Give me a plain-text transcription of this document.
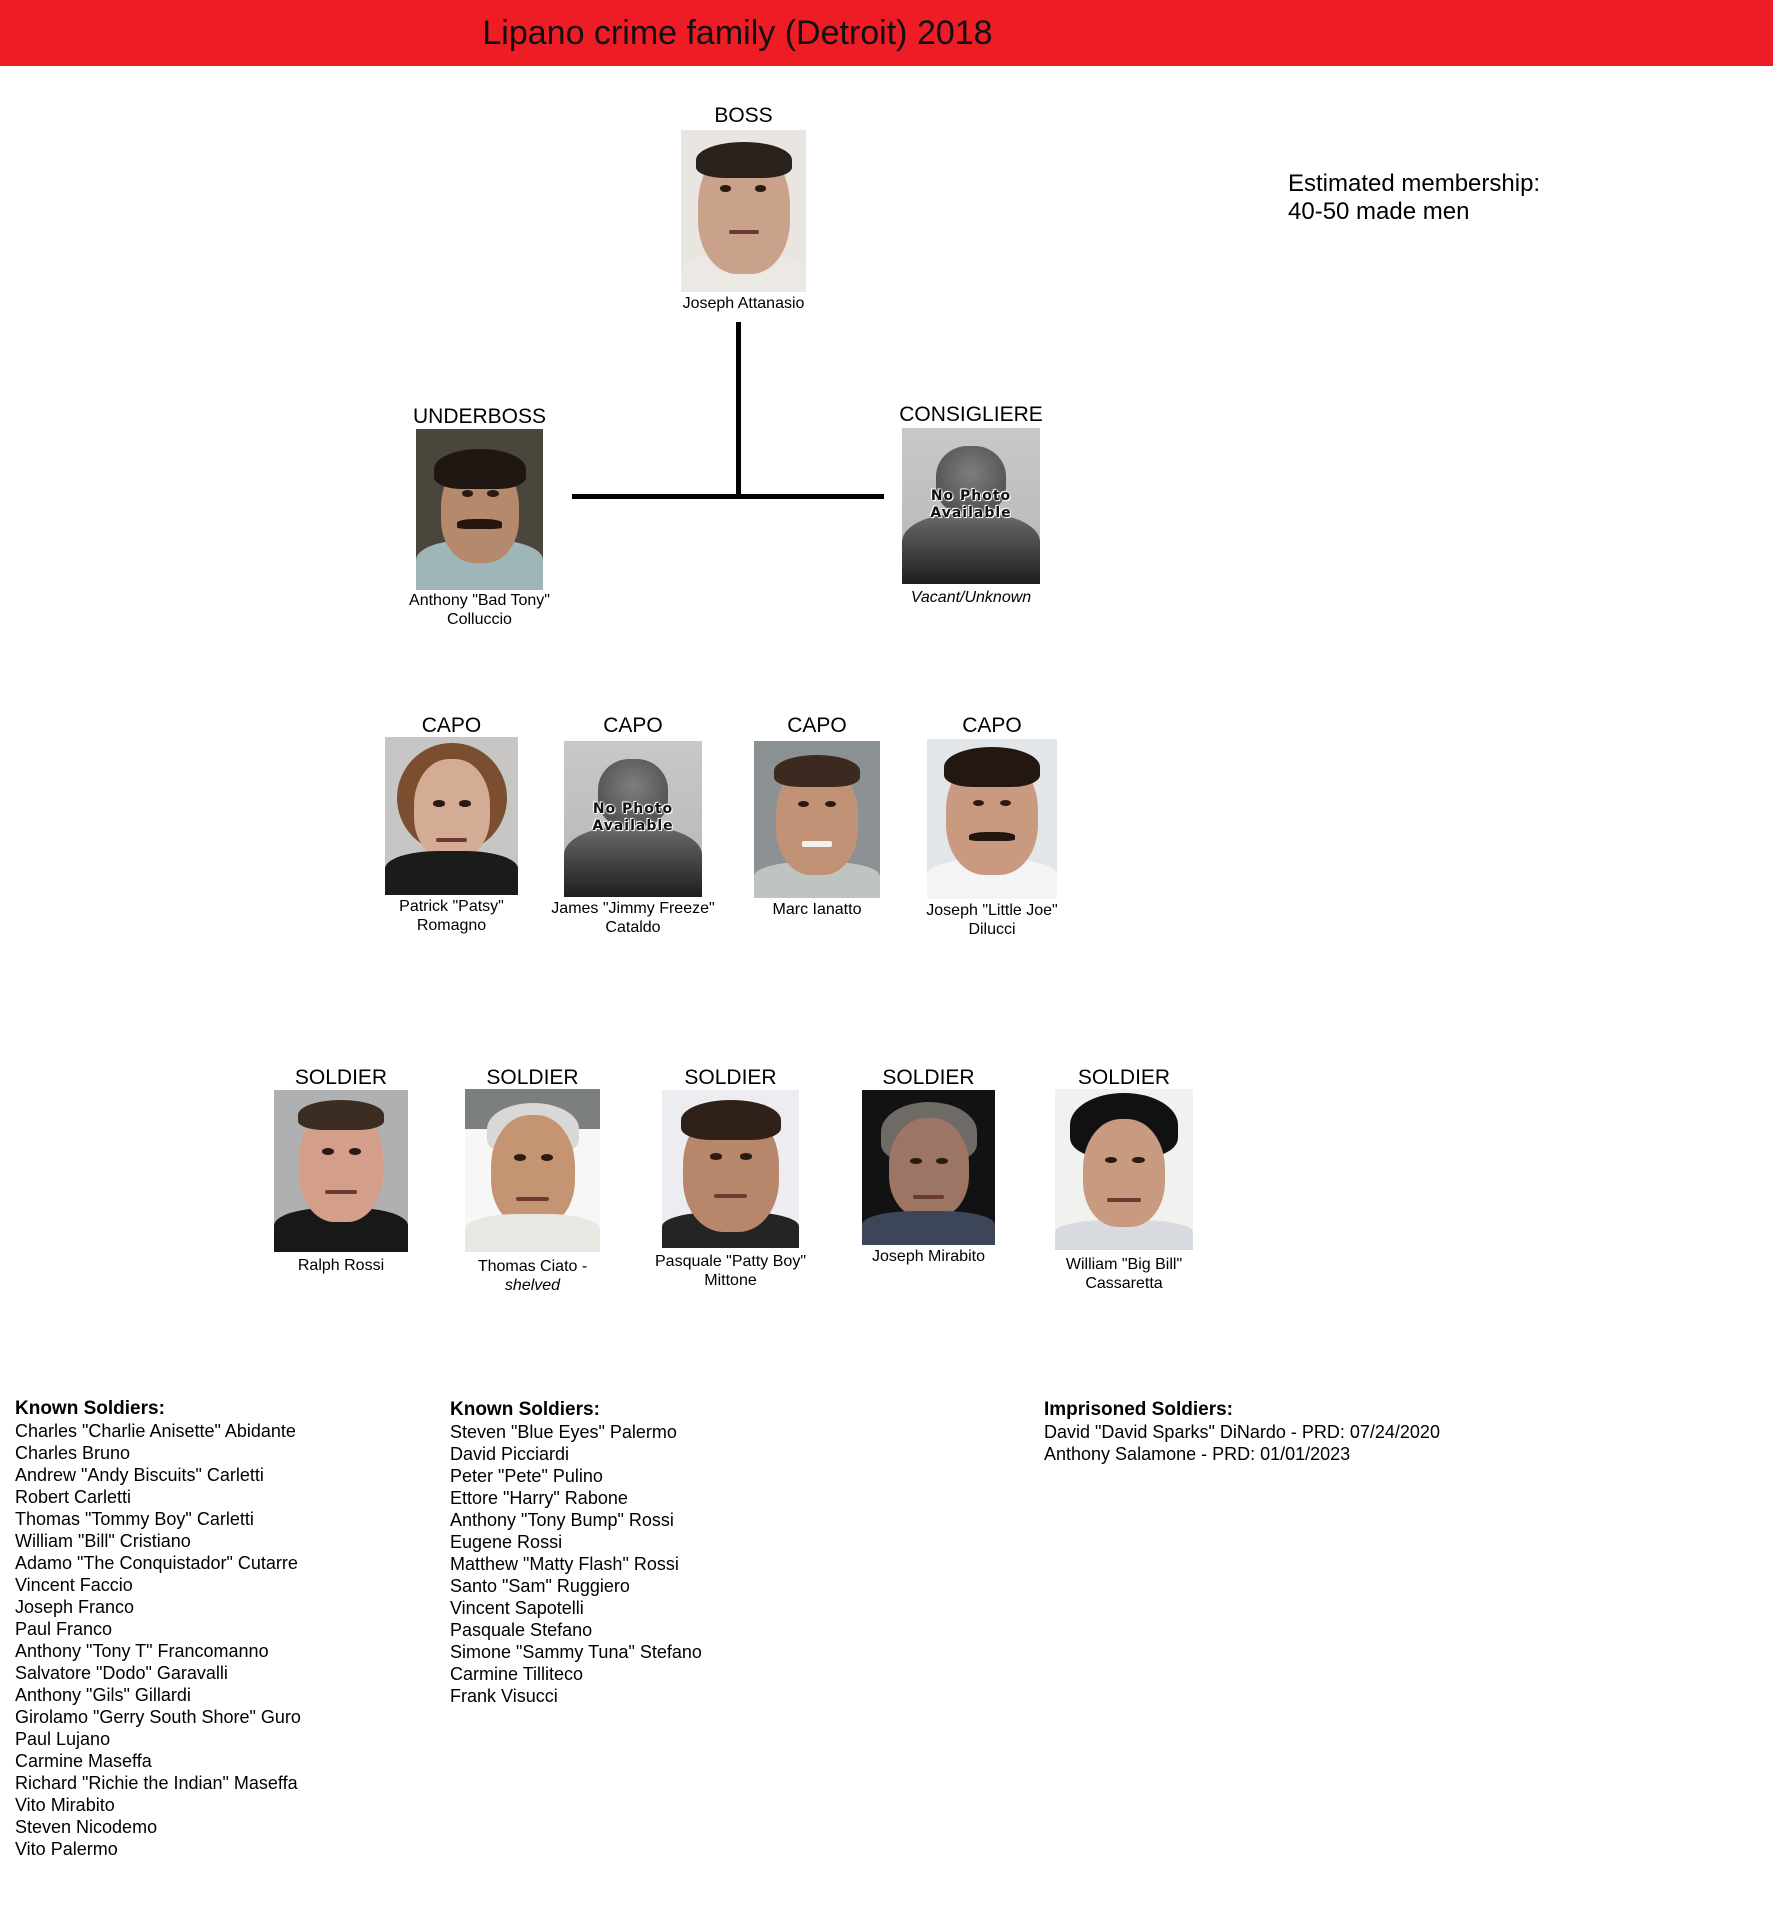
Lipano crime family (Detroit) 2018
Estimated membership:
40-50 made men
BOSS
Joseph Attanasio
UNDERBOSS
Anthony "Bad Tony"
Colluccio
CONSIGLIERE
No Photo
Available
Vacant/Unknown
CAPO
Patrick "Patsy"
Romagno
CAPO
No Photo
Available
James "Jimmy Freeze"
Cataldo
CAPO
Marc Ianatto
CAPO
Joseph "Little Joe"
Dilucci
SOLDIER
Ralph Rossi
SOLDIER
Thomas Ciato -
shelved
SOLDIER
Pasquale "Patty Boy"
Mittone
SOLDIER
Joseph Mirabito
SOLDIER
William "Big Bill"
Cassaretta
Known Soldiers:
Charles "Charlie Anisette" Abidante
Charles Bruno
Andrew "Andy Biscuits" Carletti
Robert Carletti
Thomas "Tommy Boy" Carletti
William "Bill" Cristiano
Adamo "The Conquistador" Cutarre
Vincent Faccio
Joseph Franco
Paul Franco
Anthony "Tony T" Francomanno
Salvatore "Dodo" Garavalli
Anthony "Gils" Gillardi
Girolamo "Gerry South Shore" Guro
Paul Lujano
Carmine Maseffa
Richard "Richie the Indian" Maseffa
Vito Mirabito
Steven Nicodemo
Vito Palermo
Known Soldiers:
Steven "Blue Eyes" Palermo
David Picciardi
Peter "Pete" Pulino
Ettore "Harry" Rabone
Anthony "Tony Bump" Rossi
Eugene Rossi
Matthew "Matty Flash" Rossi
Santo "Sam" Ruggiero
Vincent Sapotelli
Pasquale Stefano
Simone "Sammy Tuna" Stefano
Carmine Tilliteco
Frank Visucci
Imprisoned Soldiers:
David "David Sparks" DiNardo - PRD: 07/24/2020
Anthony Salamone - PRD: 01/01/2023
